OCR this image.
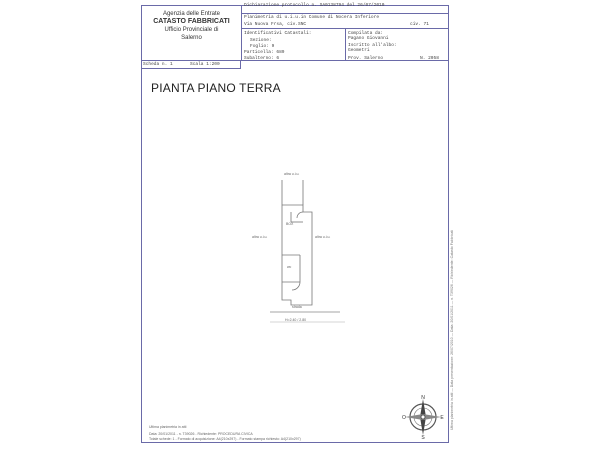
Agenzia delle Entrate
CATASTO FABBRICATI
Ufficio Provinciale di
Salerno
Dichiarazione protocollo n. SA0138794 del 26/07/2010
Planimetria di u.i.u.in Comune di Nocera Inferiore
Via Nuova Frsa, civ.SNC	civ. 71
Identificativi Catastali:
Sezione:
Foglio: 9
Particella: 689
Subalterno: 6
Compilata da:
Pagano Giovanni
Iscritto all'albo:
Geometri
Prov. Salerno	N. 2058
Scheda n. 1	Scala 1:200
PIANTA PIANO TERRA
altra u.i.u.
altra u.i.u.	altra u.i.u.
BOX
wc
strada
H=2.40 / 2.80	Ultima planimetria in atti — Data presentazione: 26/07/2010 — Data: 20/01/2011 — n. T39026 — Richiedente: Catasto Fabbricati
N
E
O
S
Ultima planimetria in atti
Data: 20/01/2011 - n. T39026 - Richiedente: PROCEDURA CIVICA
Totale schede: 1 - Formato di acquisizione: A4(210x297) - Formato stampa richiesto: A4(210x297)
